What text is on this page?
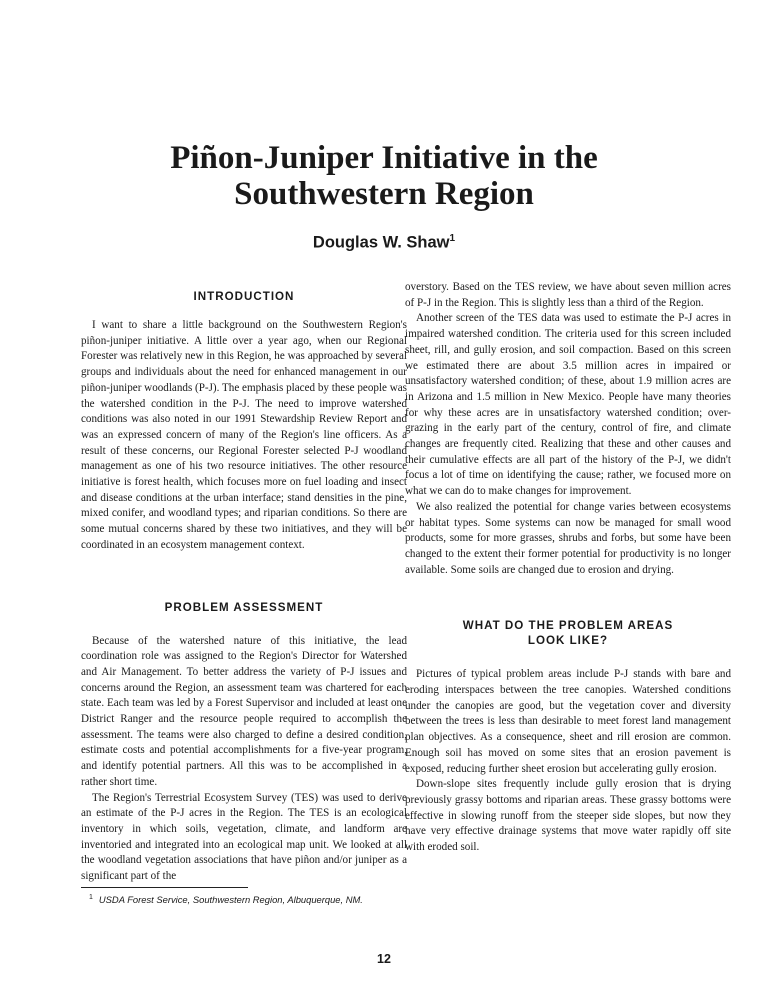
Piñon-Juniper Initiative in the
Southwestern Region
Douglas W. Shaw$^1$
INTRODUCTION

I want to share a little background on the Southwestern Region's piñon-juniper initiative. A little over a year ago, when our Regional Forester was relatively new in this Region, he was approached by several groups and individuals about the need for enhanced management in our piñon-juniper woodlands (P-J). The emphasis placed by these people was the watershed condition in the P-J. The need to improve watershed conditions was also noted in our 1991 Stewardship Review Report and was an expressed concern of many of the Region's line officers. As a result of these concerns, our Regional Forester selected P-J woodland management as one of his two resource initiatives. The other resource initiative is forest health, which focuses more on fuel loading and insect and disease conditions at the urban interface; stand densities in the pine, mixed conifer, and woodland types; and riparian conditions. So there are some mutual concerns shared by these two initiatives, and they will be coordinated in an ecosystem management context.

PROBLEM ASSESSMENT

Because of the watershed nature of this initiative, the lead coordination role was assigned to the Region's Director for Watershed and Air Management. To better address the variety of P-J issues and concerns around the Region, an assessment team was chartered for each state. Each team was led by a Forest Supervisor and included at least one District Ranger and the resource people required to accomplish the assessment. The teams were also charged to define a desired condition, estimate costs and potential accomplishments for a five-year program, and identify potential partners. All this was to be accomplished in a rather short time.

The Region's Terrestrial Ecosystem Survey (TES) was used to derive an estimate of the P-J acres in the Region. The TES is an ecological inventory in which soils, vegetation, climate, and landform are inventoried and integrated into an ecological map unit. We looked at all the woodland vegetation associations that have piñon and/or juniper as a significant part of the

overstory. Based on the TES review, we have about seven million acres of P-J in the Region. This is slightly less than a third of the Region.

Another screen of the TES data was used to estimate the P-J acres in impaired watershed condition. The criteria used for this screen included sheet, rill, and gully erosion, and soil compaction. Based on this screen we estimated there are about 3.5 million acres in impaired or unsatisfactory watershed condition; of these, about 1.9 million acres are in Arizona and 1.5 million in New Mexico. People have many theories for why these acres are in unsatisfactory watershed condition; over-grazing in the early part of the century, control of fire, and climate changes are frequently cited. Realizing that these and other causes and their cumulative effects are all part of the history of the P-J, we didn't focus a lot of time on identifying the cause; rather, we focused more on what we can do to make changes for improvement.

We also realized the potential for change varies between ecosystems or habitat types. Some systems can now be managed for small wood products, some for more grasses, shrubs and forbs, but some have been changed to the extent their former potential for productivity is no longer available. Some soils are changed due to erosion and drying.

WHAT DO THE PROBLEM AREAS
LOOK LIKE?

Pictures of typical problem areas include P-J stands with bare and eroding interspaces between the tree canopies. Watershed conditions under the canopies are good, but the vegetation cover and diversity between the trees is less than desirable to meet forest land management plan objectives. As a consequence, sheet and rill erosion are common. Enough soil has moved on some sites that an erosion pavement is exposed, reducing further sheet erosion but accelerating gully erosion.

Down-slope sites frequently include gully erosion that is drying previously grassy bottoms and riparian areas. These grassy bottoms were effective in slowing runoff from the steeper side slopes, but now they have very effective drainage systems that move water rapidly off site with eroded soil.

$^1$ USDA Forest Service, Southwestern Region, Albuquerque, NM.
12
